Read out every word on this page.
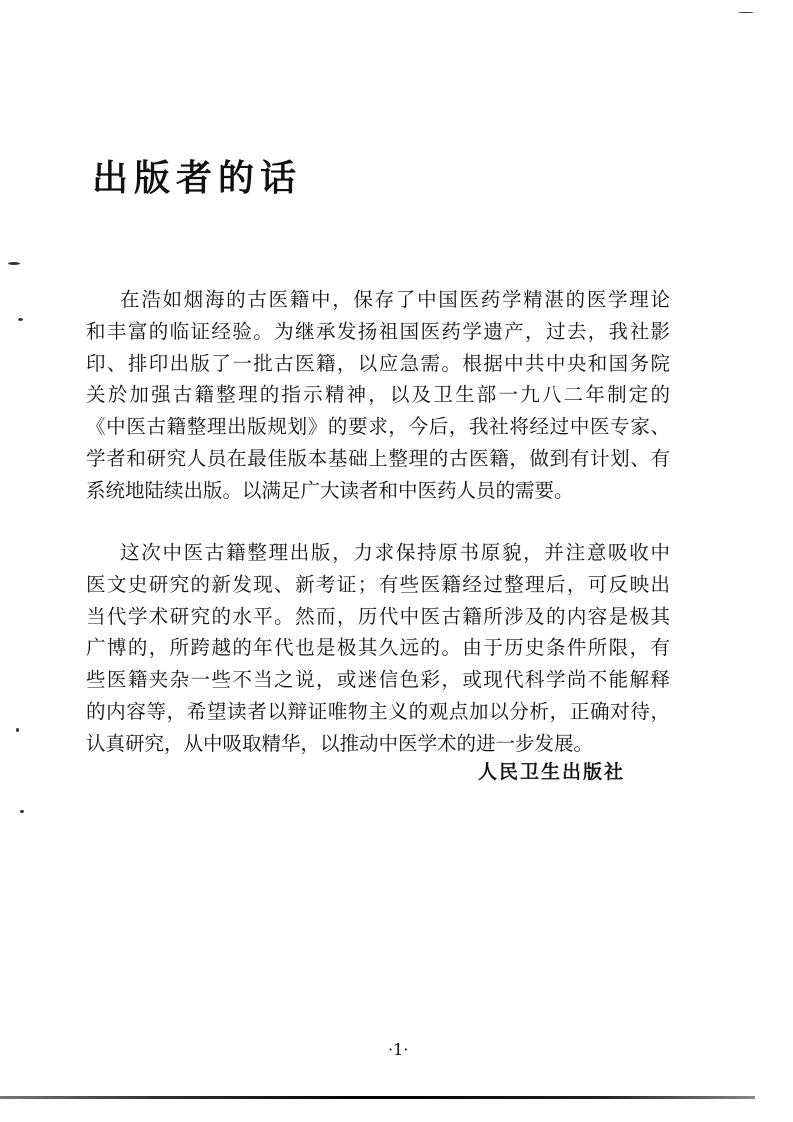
出版者的话
在浩如烟海的古医籍中，保存了中国医药学精湛的医学理论
和丰富的临证经验。为继承发扬祖国医药学遗产，过去，我社影
印、排印出版了一批古医籍，以应急需。根据中共中央和国务院
关於加强古籍整理的指示精神，以及卫生部一九八二年制定的
《中医古籍整理出版规划》的要求，今后，我社将经过中医专家、
学者和研究人员在最佳版本基础上整理的古医籍，做到有计划、有
系统地陆续出版。以满足广大读者和中医药人员的需要。
这次中医古籍整理出版，力求保持原书原貌，并注意吸收中
医文史研究的新发现、新考证；有些医籍经过整理后，可反映出
当代学术研究的水平。然而，历代中医古籍所涉及的内容是极其
广博的，所跨越的年代也是极其久远的。由于历史条件所限，有
些医籍夹杂一些不当之说，或迷信色彩，或现代科学尚不能解释
的内容等，希望读者以辩证唯物主义的观点加以分析，正确对待，
认真研究，从中吸取精华，以推动中医学术的进一步发展。
人民卫生出版社
·1·
